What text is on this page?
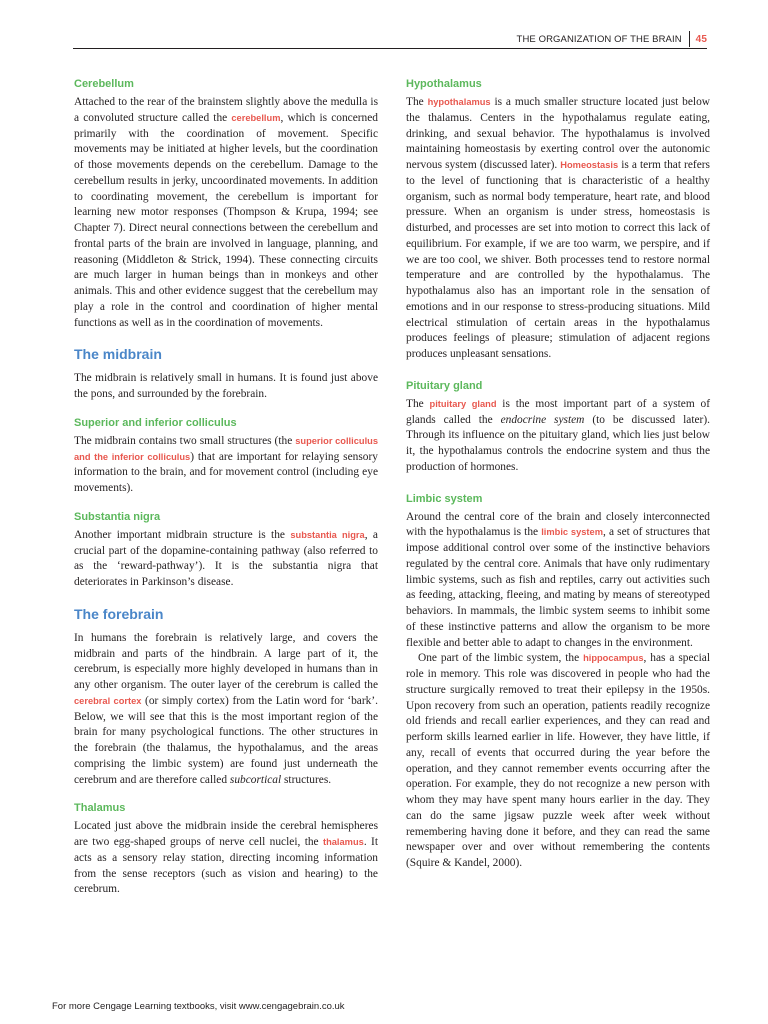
THE ORGANIZATION OF THE BRAIN 45
Cerebellum

Attached to the rear of the brainstem slightly above the medulla is a convoluted structure called the cerebellum, which is concerned primarily with the coordination of movement. Specific movements may be initiated at higher levels, but the coordination of those movements depends on the cerebellum. Damage to the cerebellum results in jerky, uncoordinated movements. In addition to coordinating movement, the cerebellum is important for learning new motor responses (Thompson & Krupa, 1994; see Chapter 7). Direct neural connections between the cerebellum and frontal parts of the brain are involved in language, planning, and reasoning (Middleton & Strick, 1994). These connecting circuits are much larger in human beings than in monkeys and other animals. This and other evidence suggest that the cerebellum may play a role in the control and coordination of higher mental functions as well as in the coordination of movements.

The midbrain

The midbrain is relatively small in humans. It is found just above the pons, and surrounded by the forebrain.

Superior and inferior colliculus

The midbrain contains two small structures (the superior colliculus and the inferior colliculus) that are important for relaying sensory information to the brain, and for movement control (including eye movements).

Substantia nigra

Another important midbrain structure is the substantia nigra, a crucial part of the dopamine-containing pathway (also referred to as the ‘reward-pathway’). It is the substantia nigra that deteriorates in Parkinson’s disease.

The forebrain

In humans the forebrain is relatively large, and covers the midbrain and parts of the hindbrain. A large part of it, the cerebrum, is especially more highly developed in humans than in any other organism. The outer layer of the cerebrum is called the cerebral cortex (or simply cortex) from the Latin word for ‘bark’. Below, we will see that this is the most important region of the brain for many psychological functions. The other structures in the forebrain (the thalamus, the hypothalamus, and the areas comprising the limbic system) are found just underneath the cerebrum and are therefore called subcortical structures.

Thalamus

Located just above the midbrain inside the cerebral hemispheres are two egg-shaped groups of nerve cell nuclei, the thalamus. It acts as a sensory relay station, directing incoming information from the sense receptors (such as vision and hearing) to the cerebrum.

Hypothalamus

The hypothalamus is a much smaller structure located just below the thalamus. Centers in the hypothalamus regulate eating, drinking, and sexual behavior. The hypothalamus is involved maintaining homeostasis by exerting control over the autonomic nervous system (discussed later). Homeostasis is a term that refers to the level of functioning that is characteristic of a healthy organism, such as normal body temperature, heart rate, and blood pressure. When an organism is under stress, homeostasis is disturbed, and processes are set into motion to correct this lack of equilibrium. For example, if we are too warm, we perspire, and if we are too cool, we shiver. Both processes tend to restore normal temperature and are controlled by the hypothalamus. The hypothalamus also has an important role in the sensation of emotions and in our response to stress-producing situations. Mild electrical stimulation of certain areas in the hypothalamus produces feelings of pleasure; stimulation of adjacent regions produces unpleasant sensations.

Pituitary gland

The pituitary gland is the most important part of a system of glands called the endocrine system (to be discussed later). Through its influence on the pituitary gland, which lies just below it, the hypothalamus controls the endocrine system and thus the production of hormones.

Limbic system

Around the central core of the brain and closely interconnected with the hypothalamus is the limbic system, a set of structures that impose additional control over some of the instinctive behaviors regulated by the central core. Animals that have only rudimentary limbic systems, such as fish and reptiles, carry out activities such as feeding, attacking, fleeing, and mating by means of stereotyped behaviors. In mammals, the limbic system seems to inhibit some of these instinctive patterns and allow the organism to be more flexible and better able to adapt to changes in the environment.

One part of the limbic system, the hippocampus, has a special role in memory. This role was discovered in people who had the structure surgically removed to treat their epilepsy in the 1950s. Upon recovery from such an operation, patients readily recognize old friends and recall earlier experiences, and they can read and perform skills learned earlier in life. However, they have little, if any, recall of events that occurred during the year before the operation, and they cannot remember events occurring after the operation. For example, they do not recognize a new person with whom they may have spent many hours earlier in the day. They can do the same jigsaw puzzle week after week without remembering having done it before, and they can read the same newspaper over and over without remembering the contents (Squire & Kandel, 2000).

For more Cengage Learning textbooks, visit www.cengagebrain.co.uk
